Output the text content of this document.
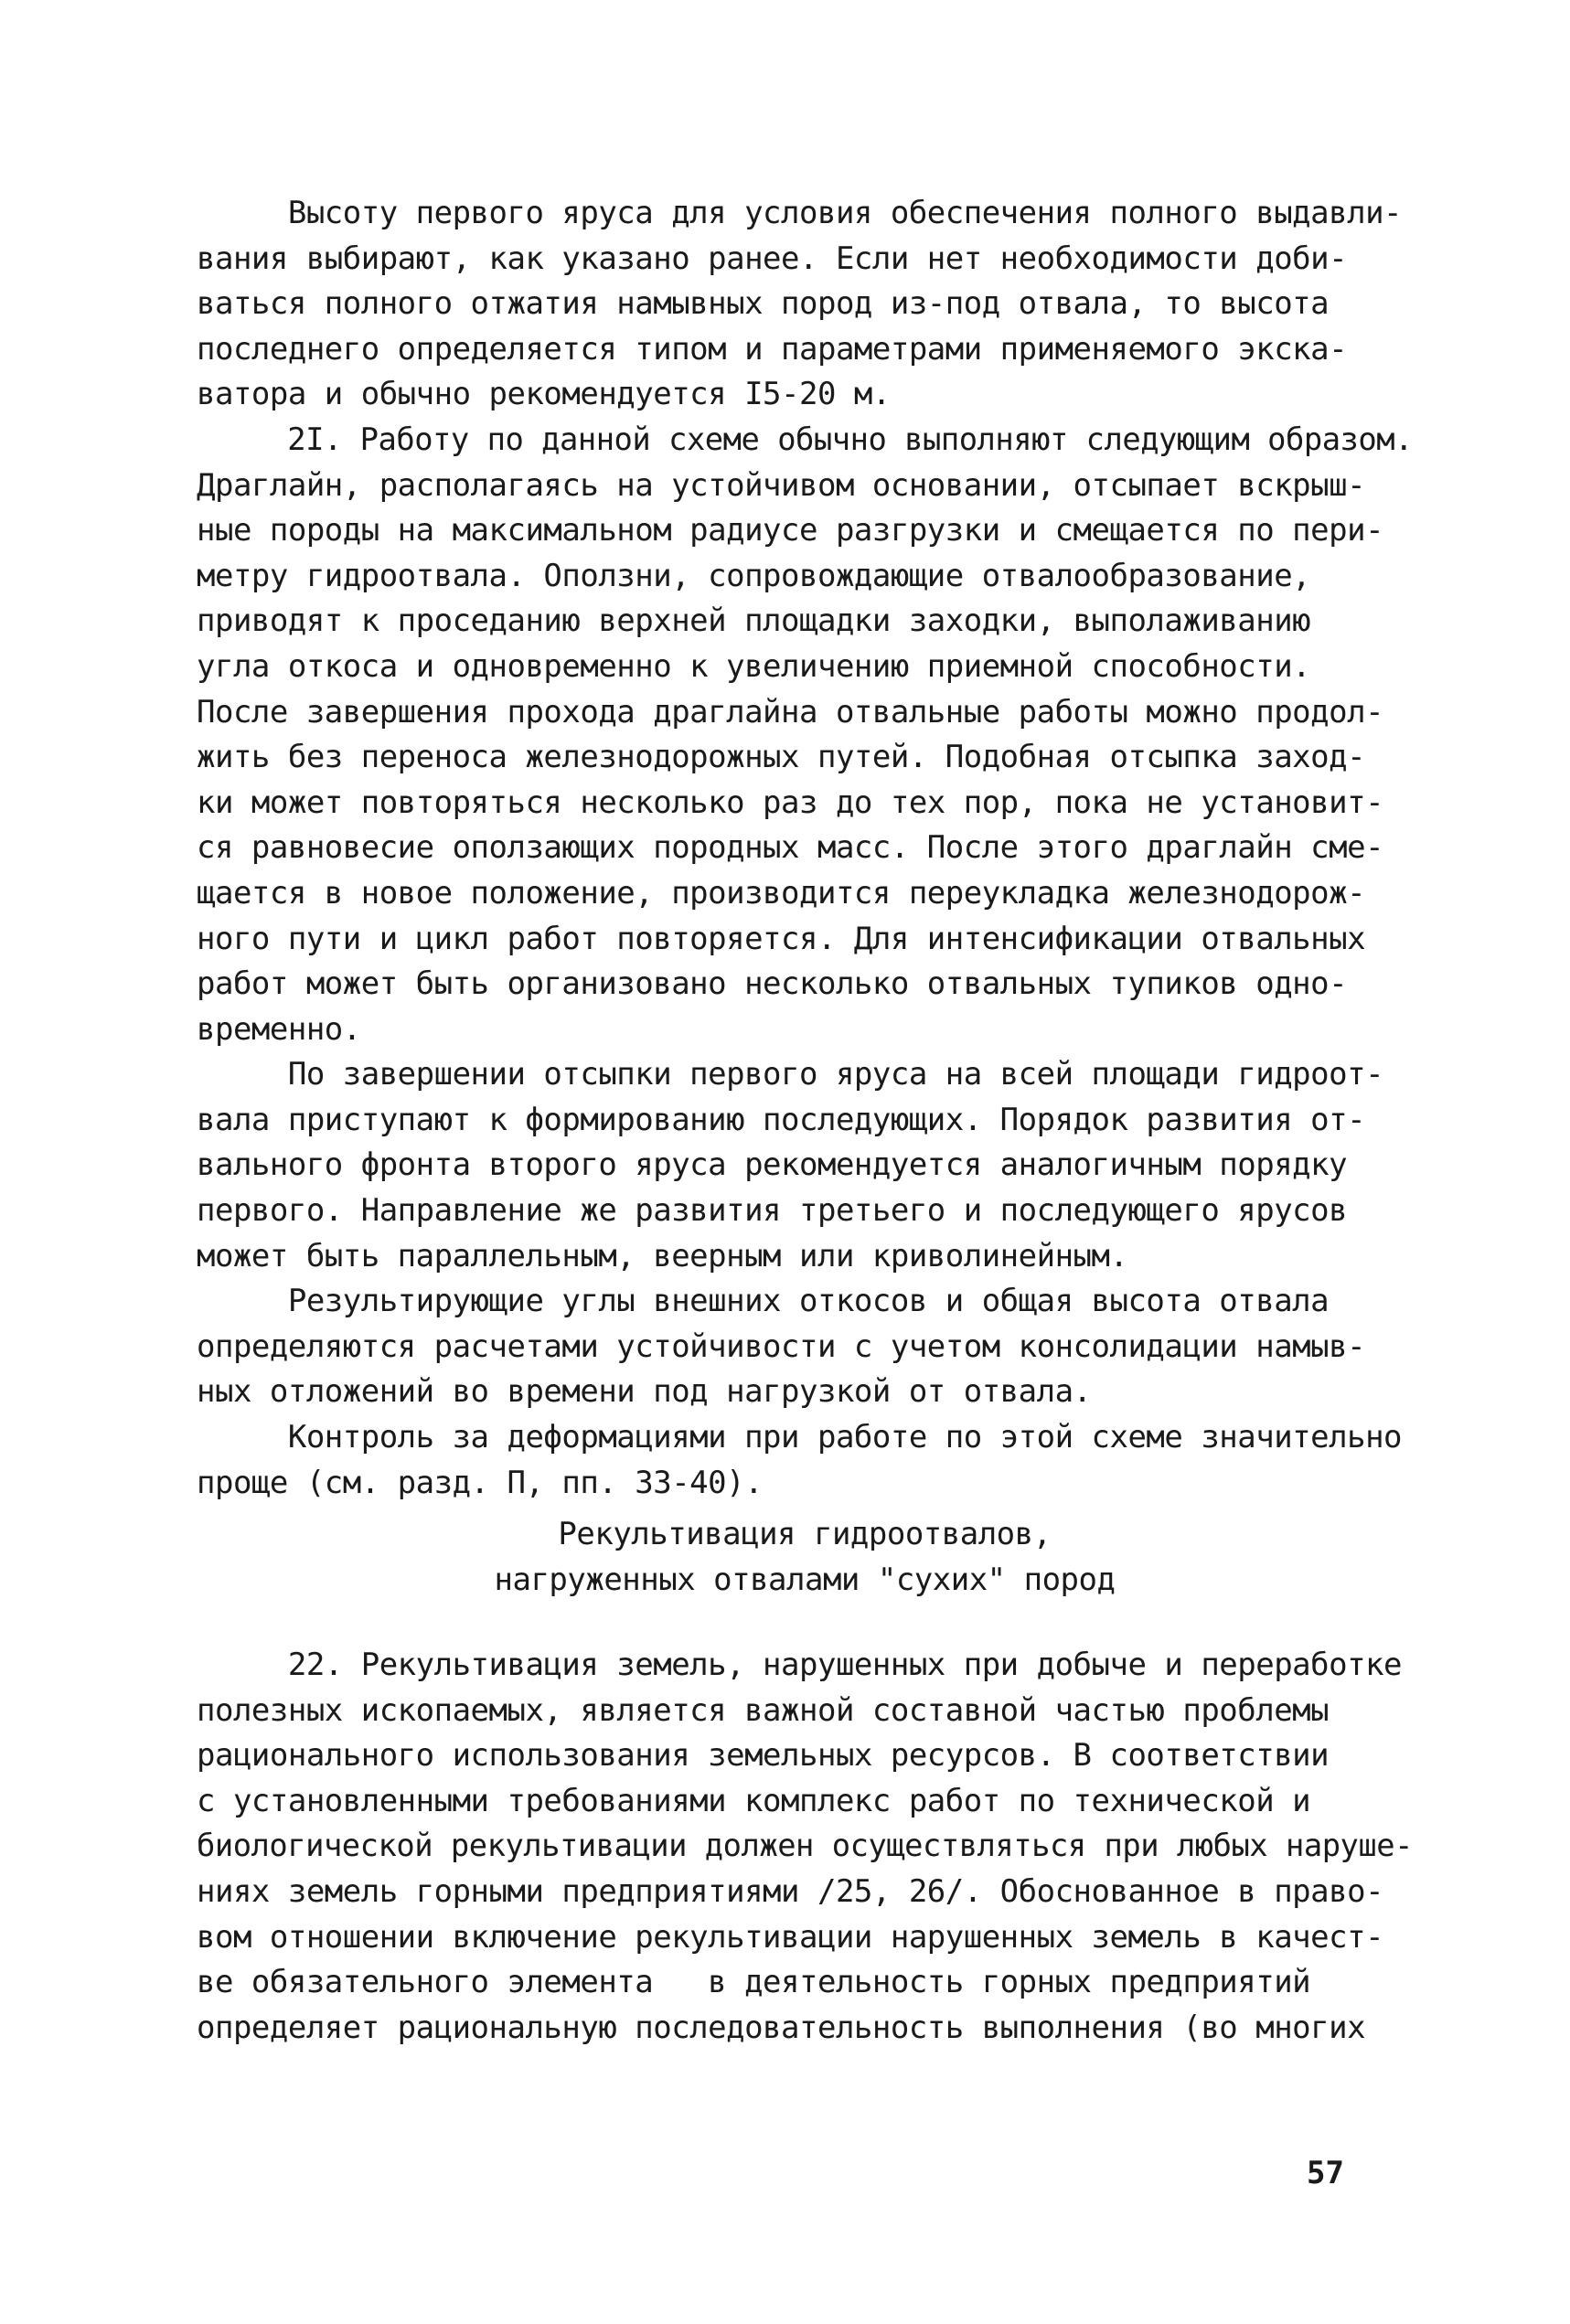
Высоту первого яруса для условия обеспечения полного выдавли-
вания выбирают, как указано ранее. Если нет необходимости доби-
ваться полного отжатия намывных пород из-под отвала, то высота
последнего определяется типом и параметрами применяемого экска-
ватора и обычно рекомендуется I5-20 м.
2I. Работу по данной схеме обычно выполняют следующим образом.
Драглайн, располагаясь на устойчивом основании, отсыпает вскрыш-
ные породы на максимальном радиусе разгрузки и смещается по пери-
метру гидроотвала. Оползни, сопровождающие отвалообразование,
приводят к проседанию верхней площадки заходки, выполаживанию
угла откоса и одновременно к увеличению приемной способности.
После завершения прохода драглайна отвальные работы можно продол-
жить без переноса железнодорожных путей. Подобная отсыпка заход-
ки может повторяться несколько раз до тех пор, пока не установит-
ся равновесие оползающих породных масс. После этого драглайн сме-
щается в новое положение, производится переукладка железнодорож-
ного пути и цикл работ повторяется. Для интенсификации отвальных
работ может быть организовано несколько отвальных тупиков одно-
временно.
По завершении отсыпки первого яруса на всей площади гидроот-
вала приступают к формированию последующих. Порядок развития от-
вального фронта второго яруса рекомендуется аналогичным порядку
первого. Направление же развития третьего и последующего ярусов
может быть параллельным, веерным или криволинейным.
Результирующие углы внешних откосов и общая высота отвала
определяются расчетами устойчивости с учетом консолидации намыв-
ных отложений во времени под нагрузкой от отвала.
Контроль за деформациями при работе по этой схеме значительно
проще (см. разд. П, пп. 33-40).
Рекультивация гидроотвалов,
нагруженных отвалами "сухих" пород
22. Рекультивация земель, нарушенных при добыче и переработке
полезных ископаемых, является важной составной частью проблемы
рационального использования земельных ресурсов. В соответствии
с установленными требованиями комплекс работ по технической и
биологической рекультивации должен осуществляться при любых наруше-
ниях земель горными предприятиями /25, 26/. Обоснованное в право-
вом отношении включение рекультивации нарушенных земель в качест-
ве обязательного элемента   в деятельность горных предприятий
определяет рациональную последовательность выполнения (во многих
57
